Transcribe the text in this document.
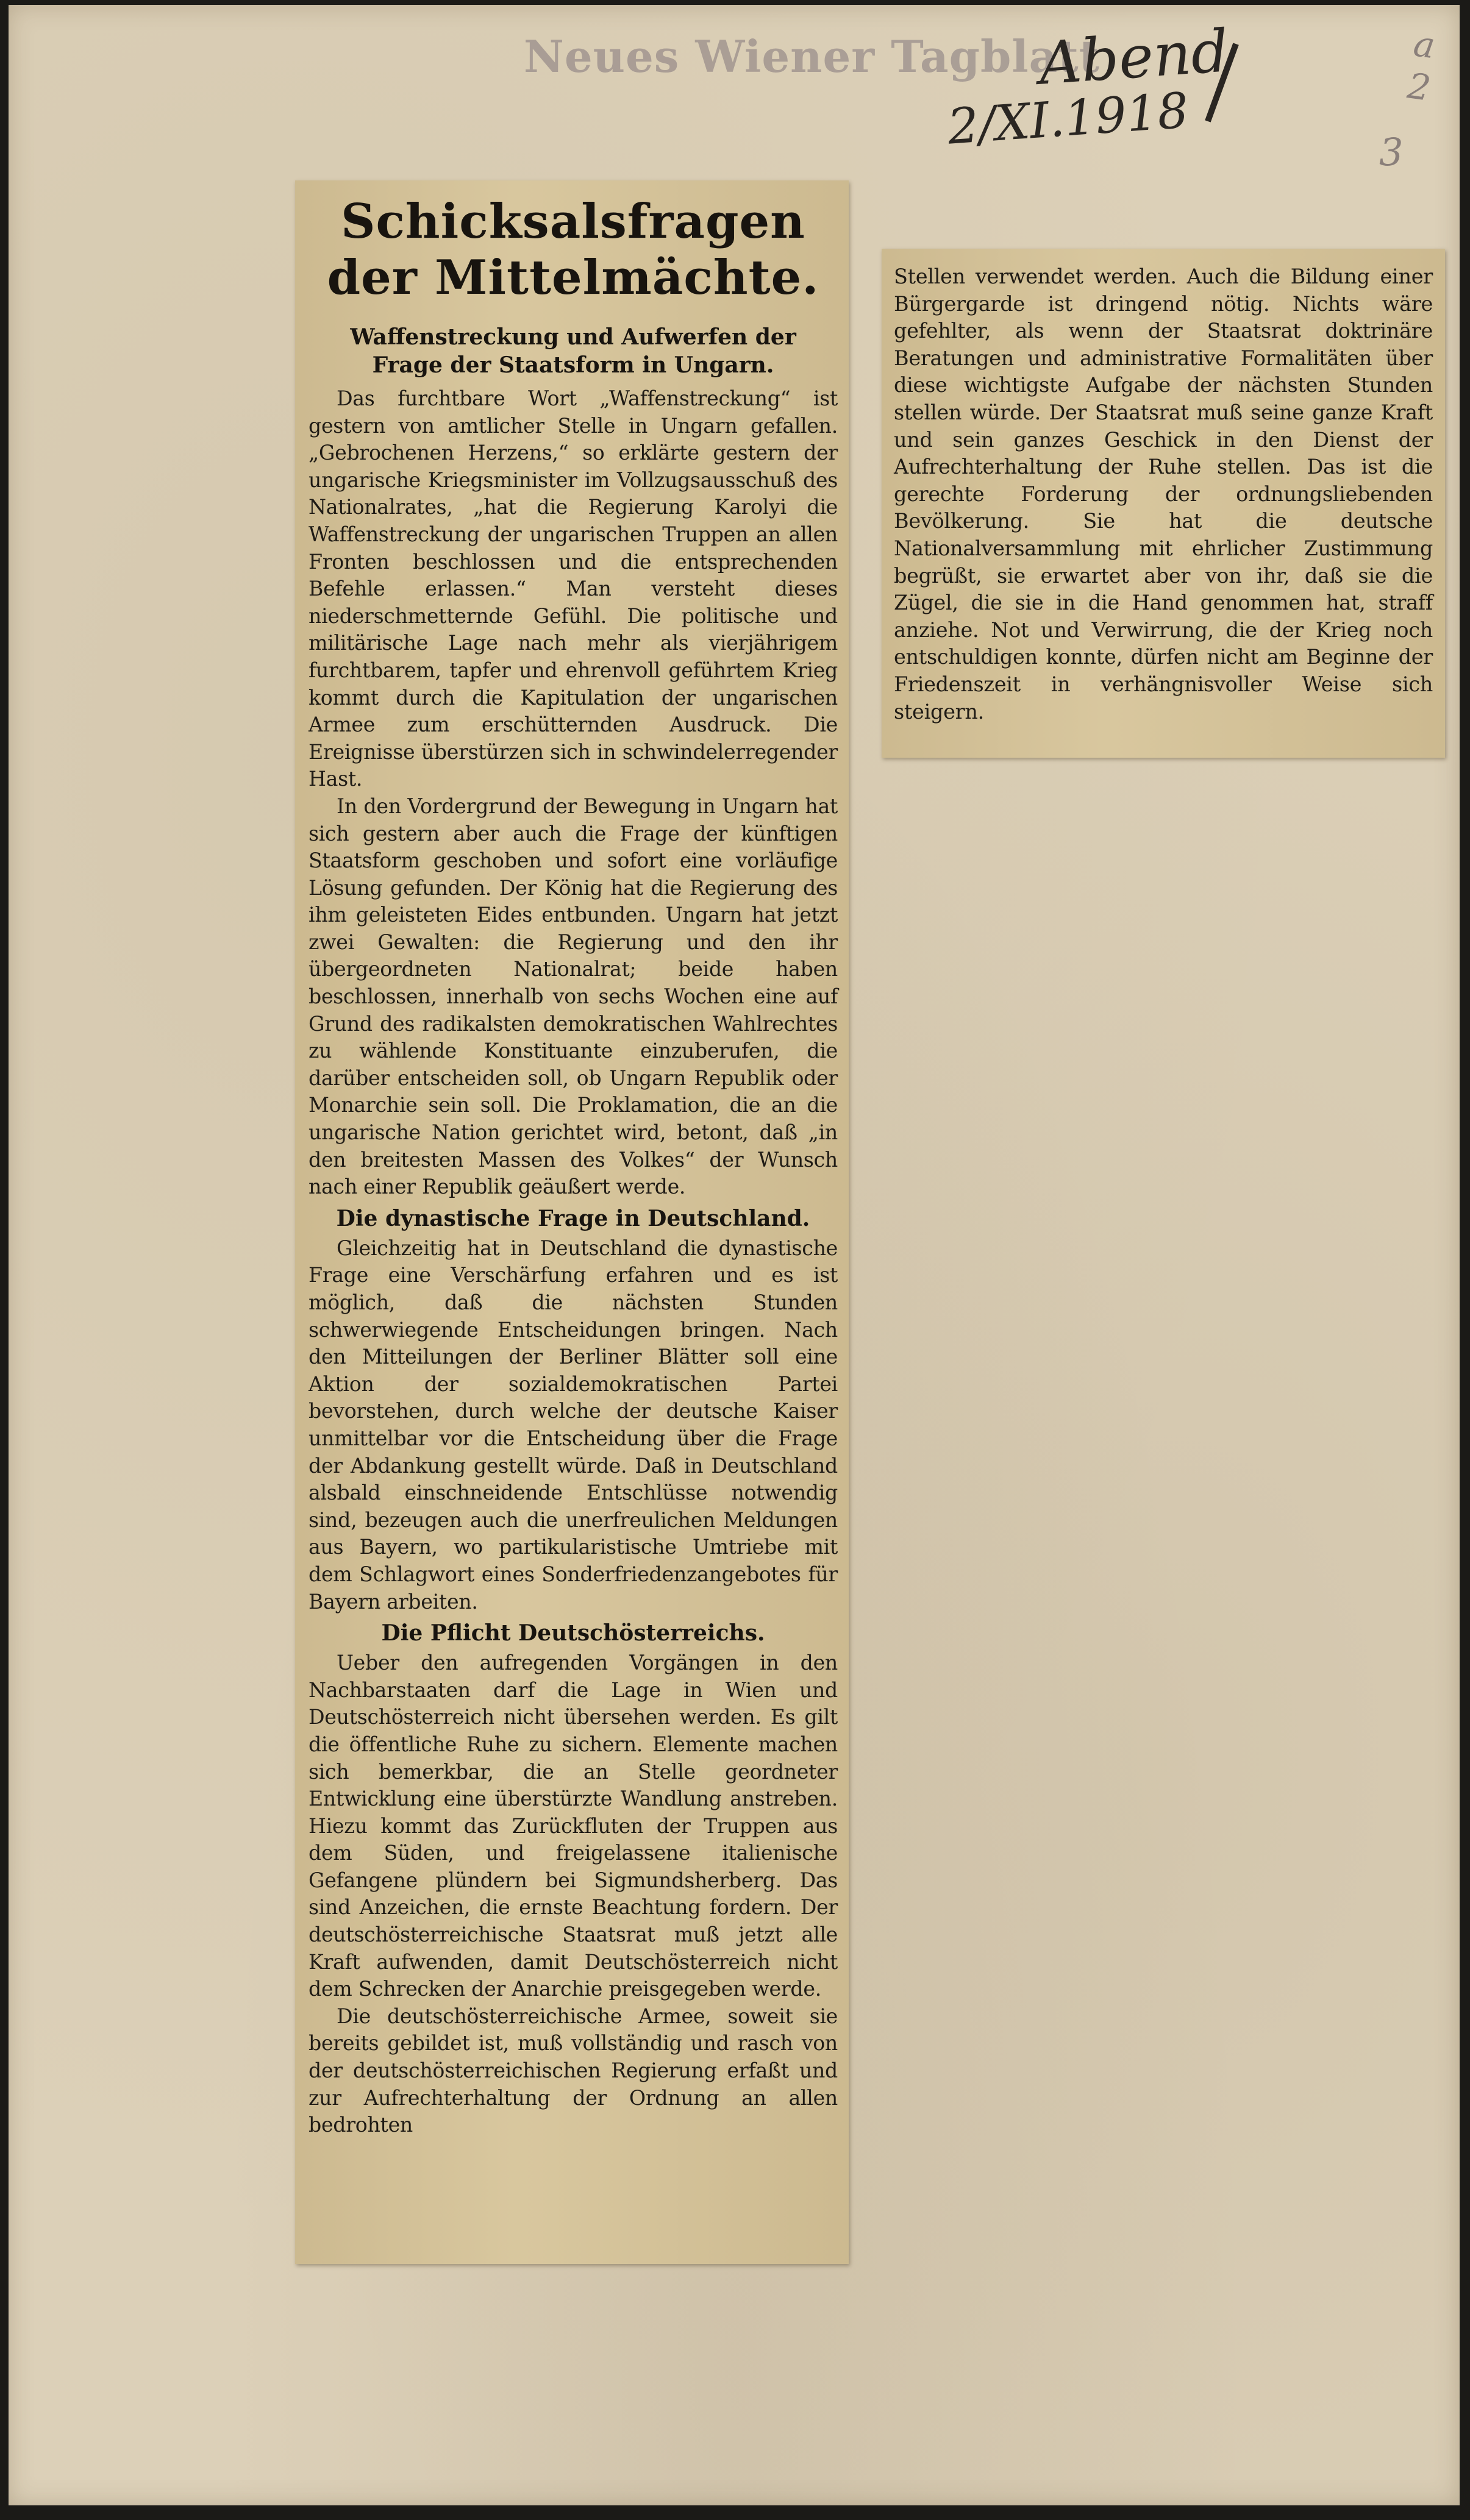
Neues Wiener Tagblatt
Abend
2/XI.1918
a
2
3
Schicksalsfragen der Mittelmächte.
Waffenstreckung und Aufwerfen der Frage der Staatsform in Ungarn.

Das furchtbare Wort „Waffenstreckung“ ist gestern von amtlicher Stelle in Ungarn gefallen. „Gebrochenen Herzens,“ so erklärte gestern der ungarische Kriegsminister im Vollzugsausschuß des Nationalrates, „hat die Regierung Karolyi die Waffenstreckung der ungarischen Truppen an allen Fronten beschlossen und die entsprechenden Befehle erlassen.“ Man versteht dieses niederschmetternde Gefühl. Die politische und militärische Lage nach mehr als vierjährigem furchtbarem, tapfer und ehrenvoll geführtem Krieg kommt durch die Kapitulation der ungarischen Armee zum erschütternden Ausdruck. Die Ereignisse überstürzen sich in schwindelerregender Hast.

In den Vordergrund der Bewegung in Ungarn hat sich gestern aber auch die Frage der künftigen Staatsform geschoben und sofort eine vorläufige Lösung gefunden. Der König hat die Regierung des ihm geleisteten Eides entbunden. Ungarn hat jetzt zwei Gewalten: die Regierung und den ihr übergeordneten Nationalrat; beide haben beschlossen, innerhalb von sechs Wochen eine auf Grund des radikalsten demokratischen Wahlrechtes zu wählende Konstituante einzuberufen, die darüber entscheiden soll, ob Ungarn Republik oder Monarchie sein soll. Die Proklamation, die an die ungarische Nation gerichtet wird, betont, daß „in den breitesten Massen des Volkes“ der Wunsch nach einer Republik geäußert werde.

Die dynastische Frage in Deutschland.

Gleichzeitig hat in Deutschland die dynastische Frage eine Verschärfung erfahren und es ist möglich, daß die nächsten Stunden schwerwiegende Entscheidungen bringen. Nach den Mitteilungen der Berliner Blätter soll eine Aktion der sozialdemokratischen Partei bevorstehen, durch welche der deutsche Kaiser unmittelbar vor die Entscheidung über die Frage der Abdankung gestellt würde. Daß in Deutschland alsbald einschneidende Entschlüsse notwendig sind, bezeugen auch die unerfreulichen Meldungen aus Bayern, wo partikularistische Umtriebe mit dem Schlagwort eines Sonderfriedenzangebotes für Bayern arbeiten.

Die Pflicht Deutschösterreichs.

Ueber den aufregenden Vorgängen in den Nachbarstaaten darf die Lage in Wien und Deutschösterreich nicht übersehen werden. Es gilt die öffentliche Ruhe zu sichern. Elemente machen sich bemerkbar, die an Stelle geordneter Entwicklung eine überstürzte Wandlung anstreben. Hiezu kommt das Zurückfluten der Truppen aus dem Süden, und freigelassene italienische Gefangene plündern bei Sigmundsherberg. Das sind Anzeichen, die ernste Beachtung fordern. Der deutschösterreichische Staatsrat muß jetzt alle Kraft aufwenden, damit Deutschösterreich nicht dem Schrecken der Anarchie preisgegeben werde.

Die deutschösterreichische Armee, soweit sie bereits gebildet ist, muß vollständig und rasch von der deutschösterreichischen Regierung erfaßt und zur Aufrechterhaltung der Ordnung an allen bedrohten

Stellen verwendet werden. Auch die Bildung einer Bürgergarde ist dringend nötig. Nichts wäre gefehlter, als wenn der Staatsrat doktrinäre Beratungen und administrative Formalitäten über diese wichtigste Aufgabe der nächsten Stunden stellen würde. Der Staatsrat muß seine ganze Kraft und sein ganzes Geschick in den Dienst der Aufrechterhaltung der Ruhe stellen. Das ist die gerechte Forderung der ordnungsliebenden Bevölkerung. Sie hat die deutsche Nationalversammlung mit ehrlicher Zustimmung begrüßt, sie erwartet aber von ihr, daß sie die Zügel, die sie in die Hand genommen hat, straff anziehe. Not und Verwirrung, die der Krieg noch entschuldigen konnte, dürfen nicht am Beginne der Friedenszeit in verhängnisvoller Weise sich steigern.
